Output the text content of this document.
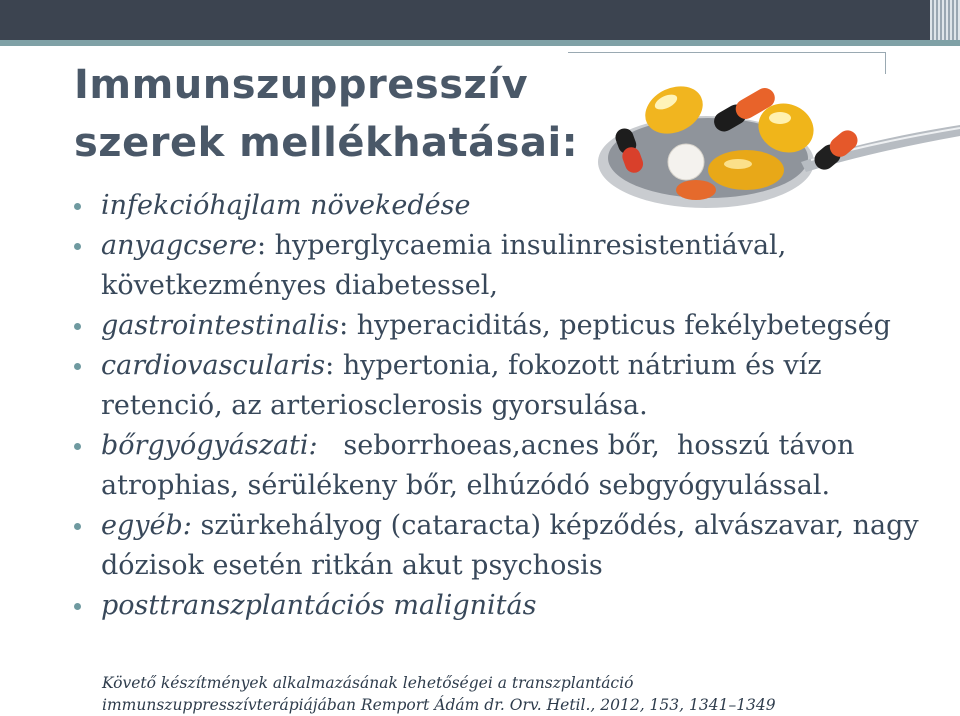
Immunszuppresszív
szerek mellékhatásai:
infekcióhajlam növekedése
anyagcsere: hyperglycaemia insulinresistentiával, következményes diabetessel,
gastrointestinalis: hyperaciditás, pepticus fekélybetegség
cardiovascularis: hypertonia, fokozott nátrium és víz retenció, az arteriosclerosis gyorsulása.
bőrgyógyászati:   seborrhoeas,acnes bőr,  hosszú távon atrophias, sérülékeny bőr, elhúzódó sebgyógyulással.
egyéb: szürkehályog (cataracta) képződés, alvászavar, nagy dózisok esetén ritkán akut psychosis
posttranszplantációs malignitás
Követő készítmények alkalmazásának lehetőségei a transzplantáció
immunszuppresszívterápiájában Remport Ádám dr. Orv. Hetil., 2012, 153, 1341–1349
